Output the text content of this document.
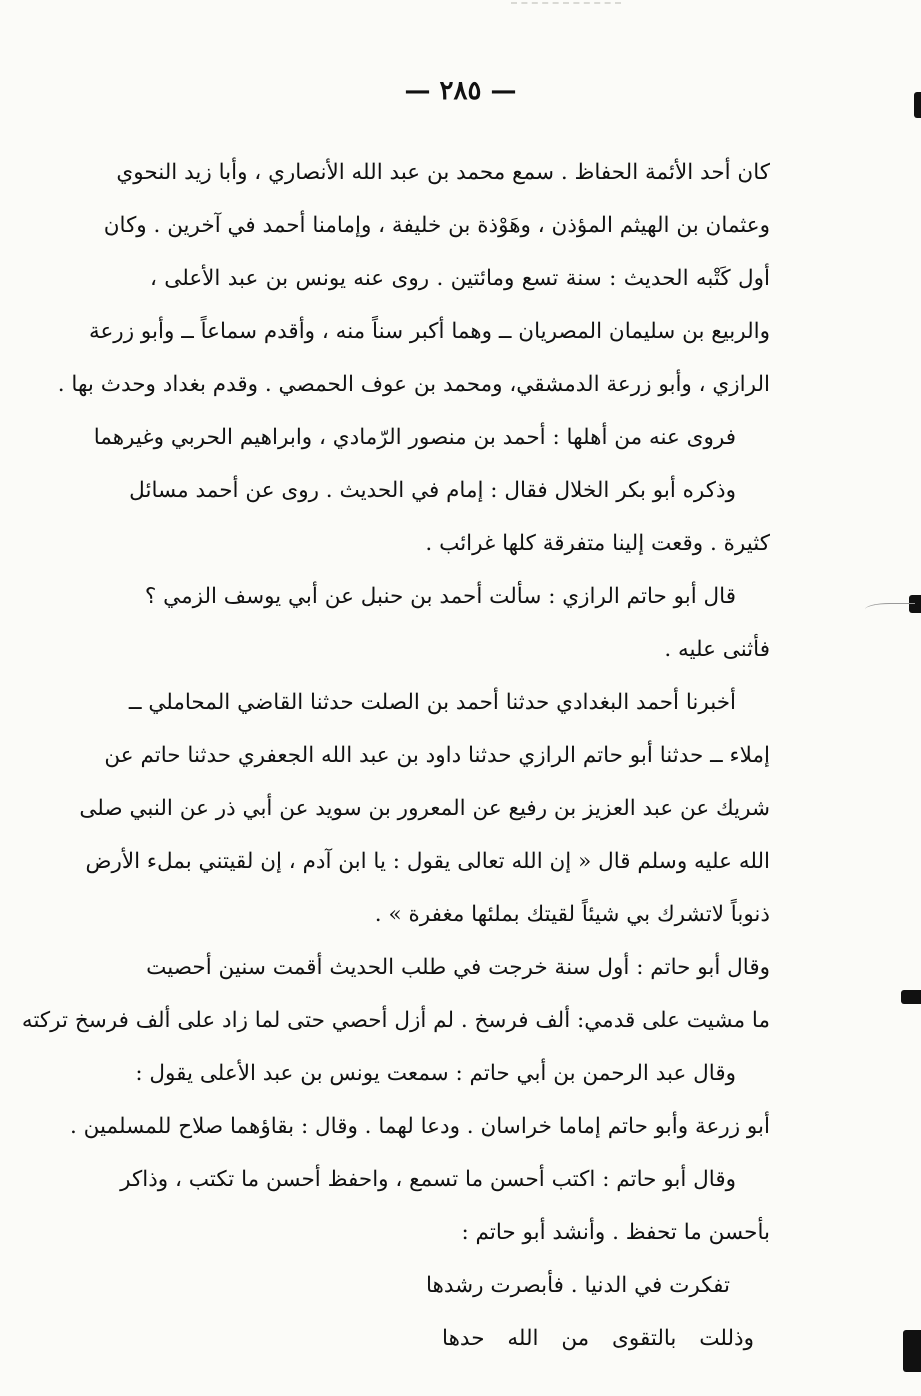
— ٢٨٥ —
كان أحد الأئمة الحفاظ . سمع محمد بن عبد الله الأنصاري ، وأبا زيد النحوي
وعثمان بن الهيثم المؤذن ، وهَوْذة بن خليفة ، وإمامنا أحمد في آخرين . وكان
أول كَتْبه الحديث : سنة تسع ومائتين . روى عنه يونس بن عبد الأعلى ،
والربيع بن سليمان المصريان ــ وهما أكبر سناً منه ، وأقدم سماعاً ــ وأبو زرعة
الرازي ، وأبو زرعة الدمشقي، ومحمد بن عوف الحمصي . وقدم بغداد وحدث بها .
فروى عنه من أهلها : أحمد بن منصور الرّمادي ، وابراهيم الحربي وغيرهما
وذكره أبو بكر الخلال فقال : إمام في الحديث . روى عن أحمد مسائل
كثيرة . وقعت إلينا متفرقة كلها غرائب .
قال أبو حاتم الرازي : سألت أحمد بن حنبل عن أبي يوسف الزمي ؟
فأثنى عليه .
أخبرنا أحمد البغدادي حدثنا أحمد بن الصلت حدثنا القاضي المحاملي ــ
إملاء ــ حدثنا أبو حاتم الرازي حدثنا داود بن عبد الله الجعفري حدثنا حاتم عن
شريك عن عبد العزيز بن رفيع عن المعرور بن سويد عن أبي ذر عن النبي صلى
الله عليه وسلم قال « إن الله تعالى يقول : يا ابن آدم ، إن لقيتني بملء الأرض
ذنوباً لاتشرك بي شيئاً لقيتك بملئها مغفرة » .
وقال أبو حاتم : أول سنة خرجت في طلب الحديث أقمت سنين أحصيت
ما مشيت على قدمي: ألف فرسخ . لم أزل أحصي حتى لما زاد على ألف فرسخ تركته
وقال عبد الرحمن بن أبي حاتم : سمعت يونس بن عبد الأعلى يقول :
أبو زرعة وأبو حاتم إماما خراسان . ودعا لهما . وقال : بقاؤهما صلاح للمسلمين .
وقال أبو حاتم : اكتب أحسن ما تسمع ، واحفظ أحسن ما تكتب ، وذاكر
بأحسن ما تحفظ . وأنشد أبو حاتم :
تفكرت في الدنيا . فأبصرت رشدها
وذللت بالتقوى من الله حدها
